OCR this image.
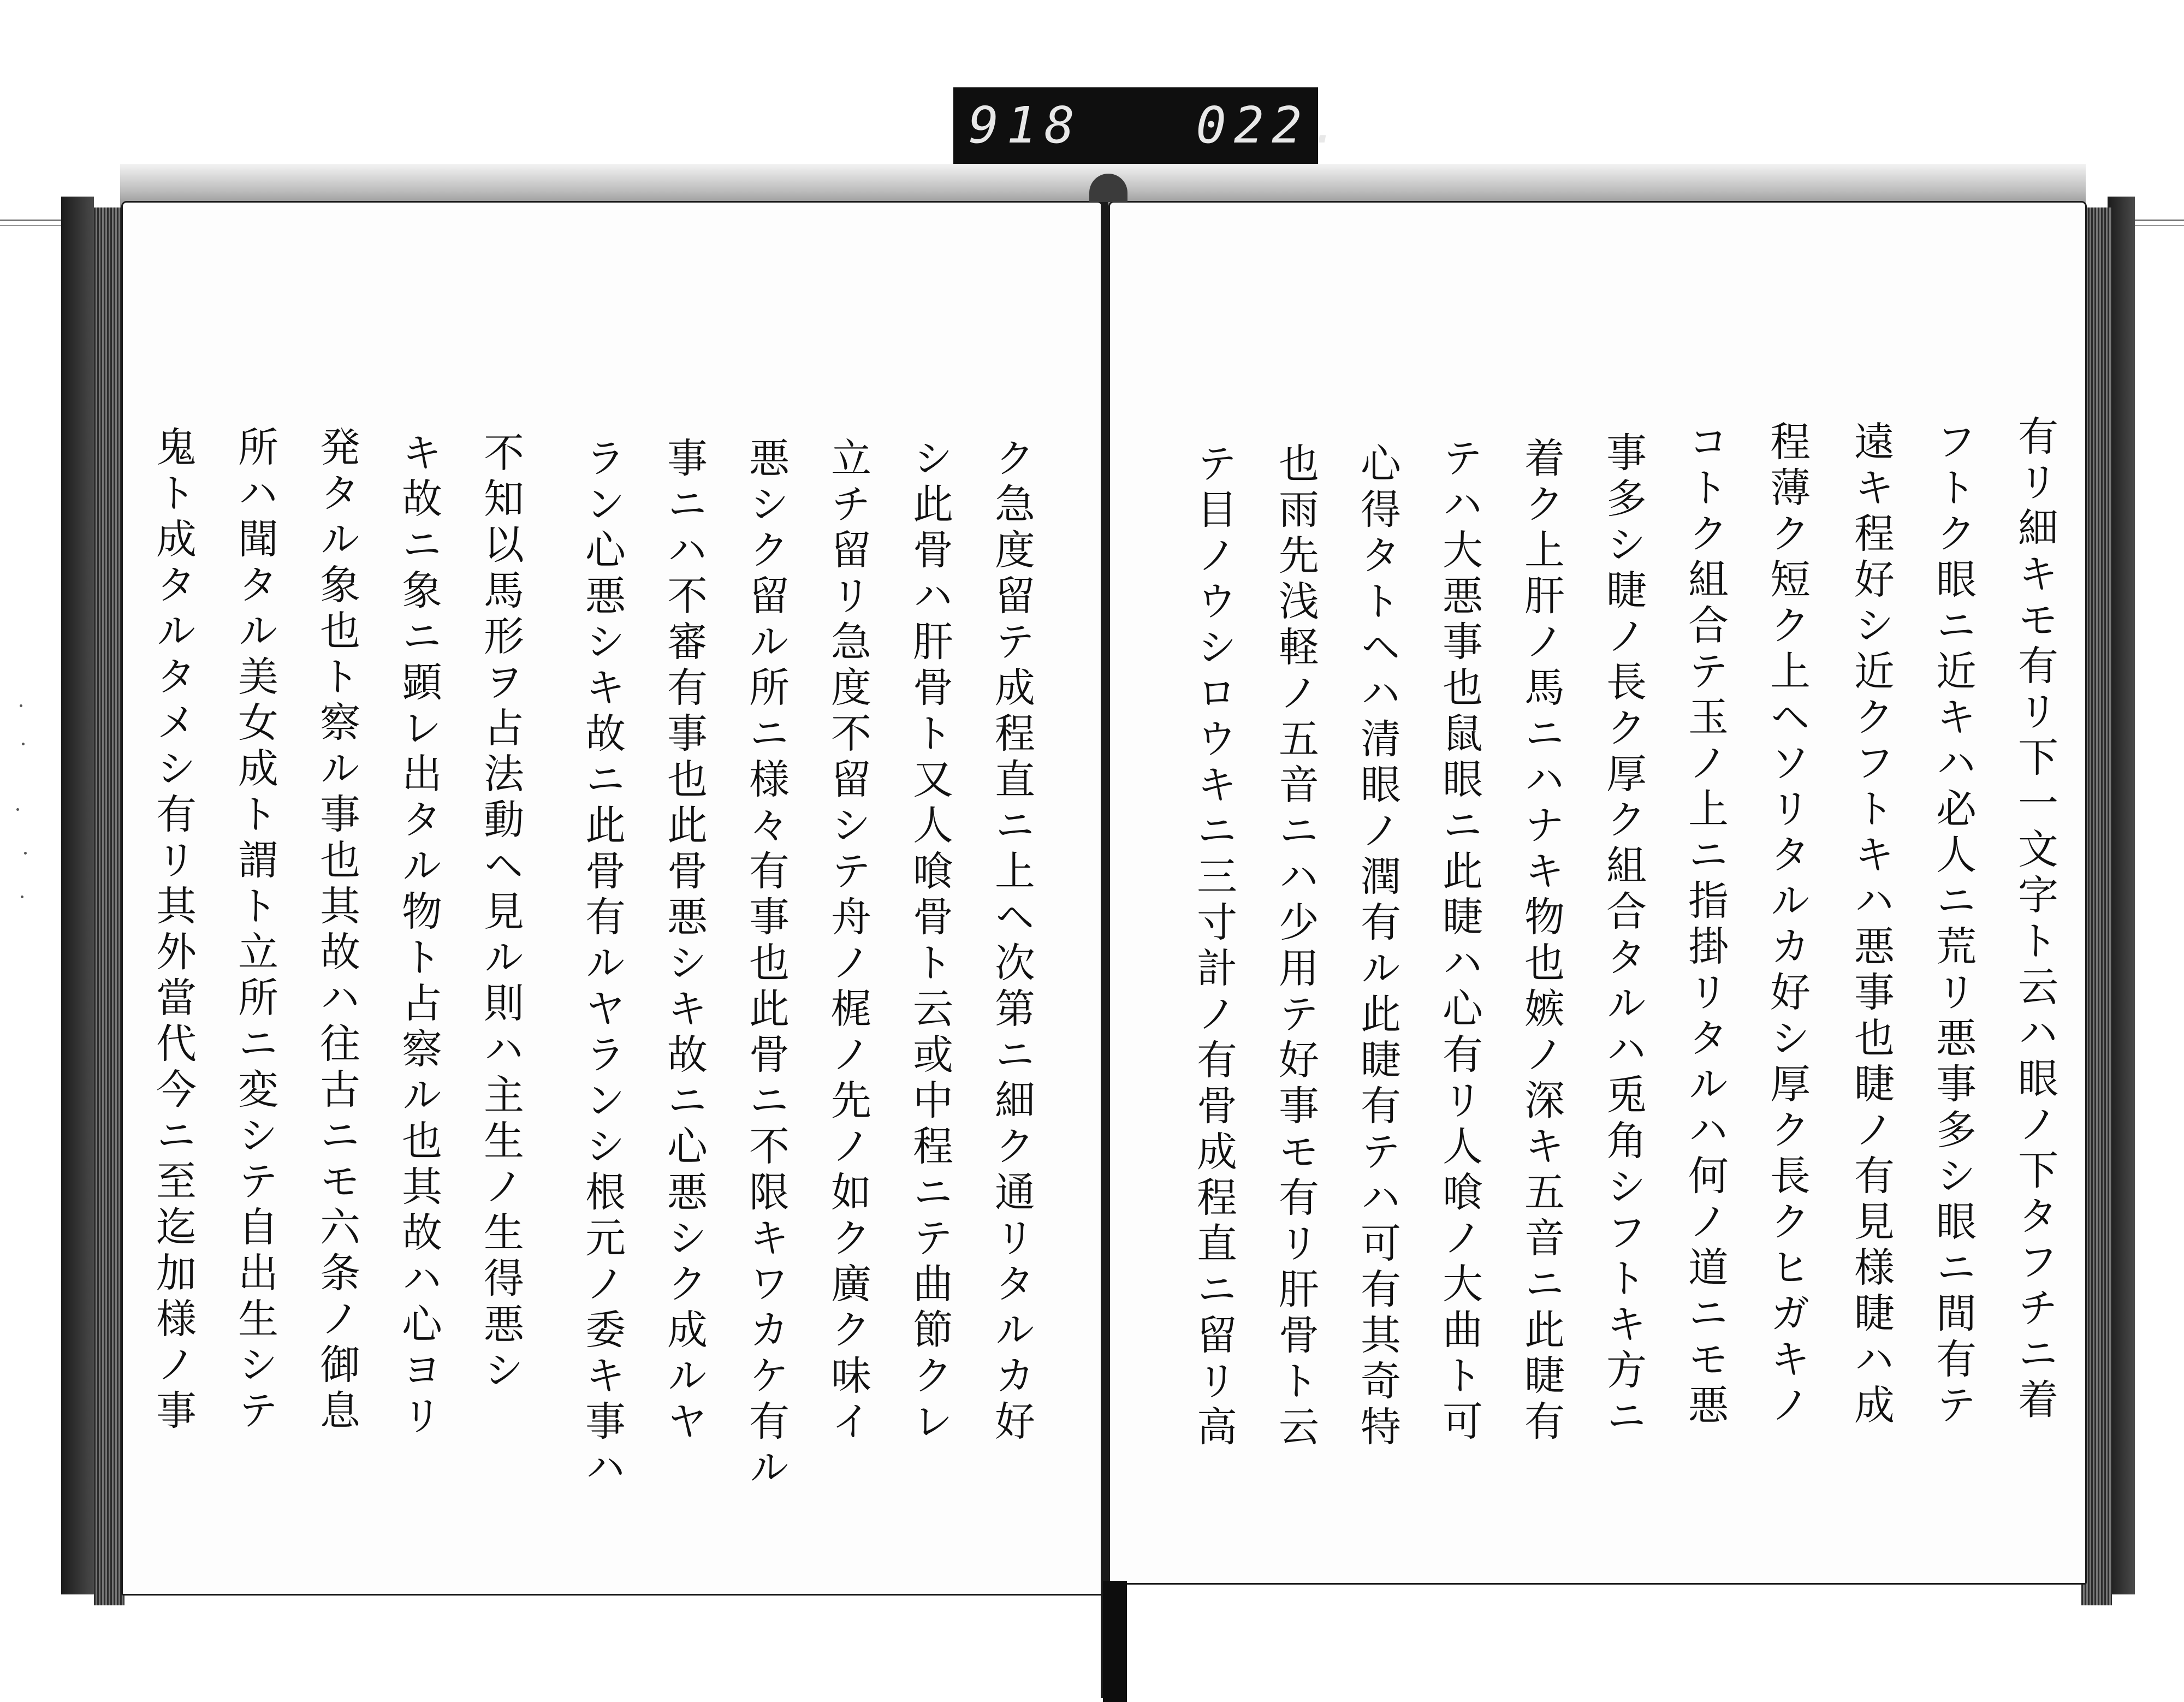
918   022.
有リ細キモ有リ下一文字ト云ハ眼ノ下タフチニ着
フトク眼ニ近キハ必人ニ荒リ悪事多シ眼ニ間有テ
遠キ程好シ近クフトキハ悪事也睫ノ有見様睫ハ成
程薄ク短ク上ヘソリタルカ好シ厚ク長クヒガキノ
コトク組合テ玉ノ上ニ指掛リタルハ何ノ道ニモ悪
事多シ睫ノ長ク厚ク組合タルハ兎角シフトキ方ニ
着ク上肝ノ馬ニハナキ物也嫉ノ深キ五音ニ此睫有
テハ大悪事也鼠眼ニ此睫ハ心有リ人喰ノ大曲ト可
心得タトヘハ清眼ノ潤有ル此睫有テハ可有其奇特
也雨先浅軽ノ五音ニハ少用テ好事モ有リ肝骨ト云
テ目ノウシロウキニ三寸計ノ有骨成程直ニ留リ高
ク急度留テ成程直ニ上ヘ次第ニ細ク通リタルカ好
シ此骨ハ肝骨ト又人喰骨ト云或中程ニテ曲節クレ
立チ留リ急度不留シテ舟ノ梶ノ先ノ如ク廣ク味イ
悪シク留ル所ニ様々有事也此骨ニ不限キワカケ有ル
事ニハ不審有事也此骨悪シキ故ニ心悪シク成ルヤ
ラン心悪シキ故ニ此骨有ルヤランシ根元ノ委キ事ハ
不知以馬形ヲ占法動ヘ見ル則ハ主生ノ生得悪シ
キ故ニ象ニ顕レ出タル物ト占察ル也其故ハ心ヨリ
発タル象也ト察ル事也其故ハ往古ニモ六条ノ御息
所ハ聞タル美女成ト謂ト立所ニ変シテ自出生シテ
鬼ト成タルタメシ有リ其外當代今ニ至迄加様ノ事
